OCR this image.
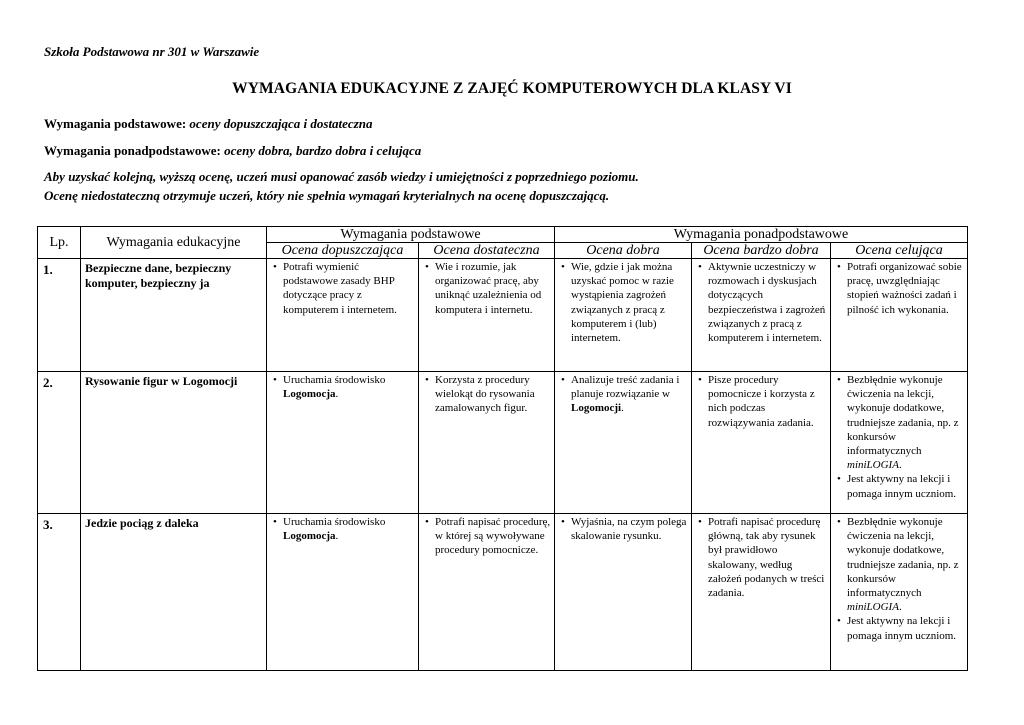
Szkoła Podstawowa nr 301 w Warszawie
WYMAGANIA EDUKACYJNE Z ZAJĘĆ KOMPUTEROWYCH DLA KLASY VI
Wymagania podstawowe: oceny dopuszczająca i dostateczna
Wymagania ponadpodstawowe: oceny dobra, bardzo dobra i celująca
Aby uzyskać kolejną, wyższą ocenę, uczeń musi opanować zasób wiedzy i umiejętności z poprzedniego poziomu.
Ocenę niedostateczną otrzymuje uczeń, który nie spełnia wymagań kryterialnych na ocenę dopuszczającą.
Lp.	Wymagania edukacyjne	Wymagania podstawowe		Wymagania ponadpodstawowe		
		Ocena dopuszczająca	Ocena dostateczna	Ocena dobra	Ocena bardzo dobra	Ocena celująca
1.	Bezpieczne dane, bezpieczny komputer, bezpieczny ja	• Potrafi wymienić podstawowe zasady BHP dotyczące pracy z komputerem i internetem.	• Wie i rozumie, jak organizować pracę, aby uniknąć uzależnienia od komputera i internetu.	• Wie, gdzie i jak można uzyskać pomoc w razie wystąpienia zagrożeń związanych z pracą z komputerem i (lub) internetem.	• Aktywnie uczestniczy w rozmowach i dyskusjach dotyczących bezpieczeństwa i zagrożeń związanych z pracą z komputerem i internetem.	• Potrafi organizować sobie pracę, uwzględniając stopień ważności zadań i pilność ich wykonania.

2.	Rysowanie figur w Logomocji	• Uruchamia środowisko Logomocja.	• Korzysta z procedury wielokąt do rysowania zamalowanych figur.	• Analizuje treść zadania i planuje rozwiązanie w Logomocji.	• Pisze procedury pomocnicze i korzysta z nich podczas rozwiązywania zadania.	• Bezbłędnie wykonuje ćwiczenia na lekcji, wykonuje dodatkowe, trudniejsze zadania, np. z konkursów informatycznych miniLOGIA.
• Jest aktywny na lekcji i pomaga innym uczniom.

3.	Jedzie pociąg z daleka	• Uruchamia środowisko Logomocja.	• Potrafi napisać procedurę, w której są wywoływane procedury pomocnicze.	• Wyjaśnia, na czym polega skalowanie rysunku.	• Potrafi napisać procedurę główną, tak aby rysunek był prawidłowo skalowany, według założeń podanych w treści zadania.	• Bezbłędnie wykonuje ćwiczenia na lekcji, wykonuje dodatkowe, trudniejsze zadania, np. z konkursów informatycznych miniLOGIA.
• Jest aktywny na lekcji i pomaga innym uczniom.
